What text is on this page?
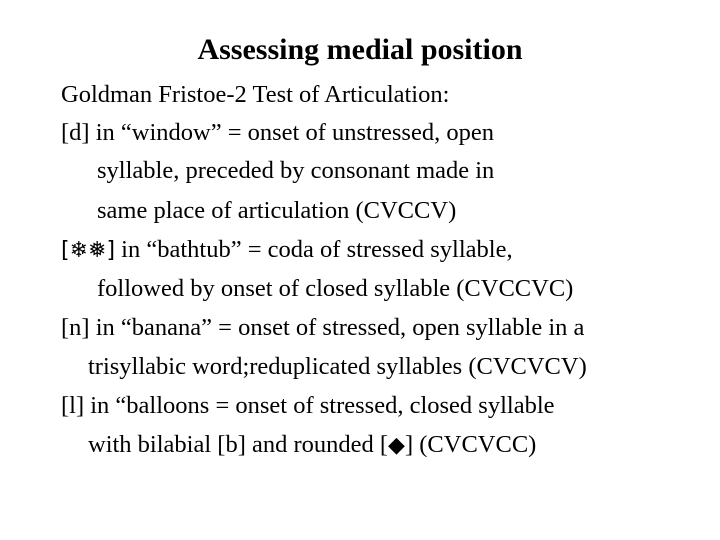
Assessing medial position
Goldman Fristoe-2 Test of Articulation:
[d] in “window” = onset of unstressed, open
syllable, preceded by consonant made in
same place of articulation (CVCCV)
[❄❅] in “bathtub” = coda of stressed syllable,
followed by onset of closed syllable (CVCCVC)
[n] in “banana” = onset of stressed, open syllable in a
trisyllabic word;reduplicated syllables (CVCVCV)
[l] in “balloons = onset of stressed, closed syllable
with bilabial [b] and rounded [◆] (CVCVCC)
